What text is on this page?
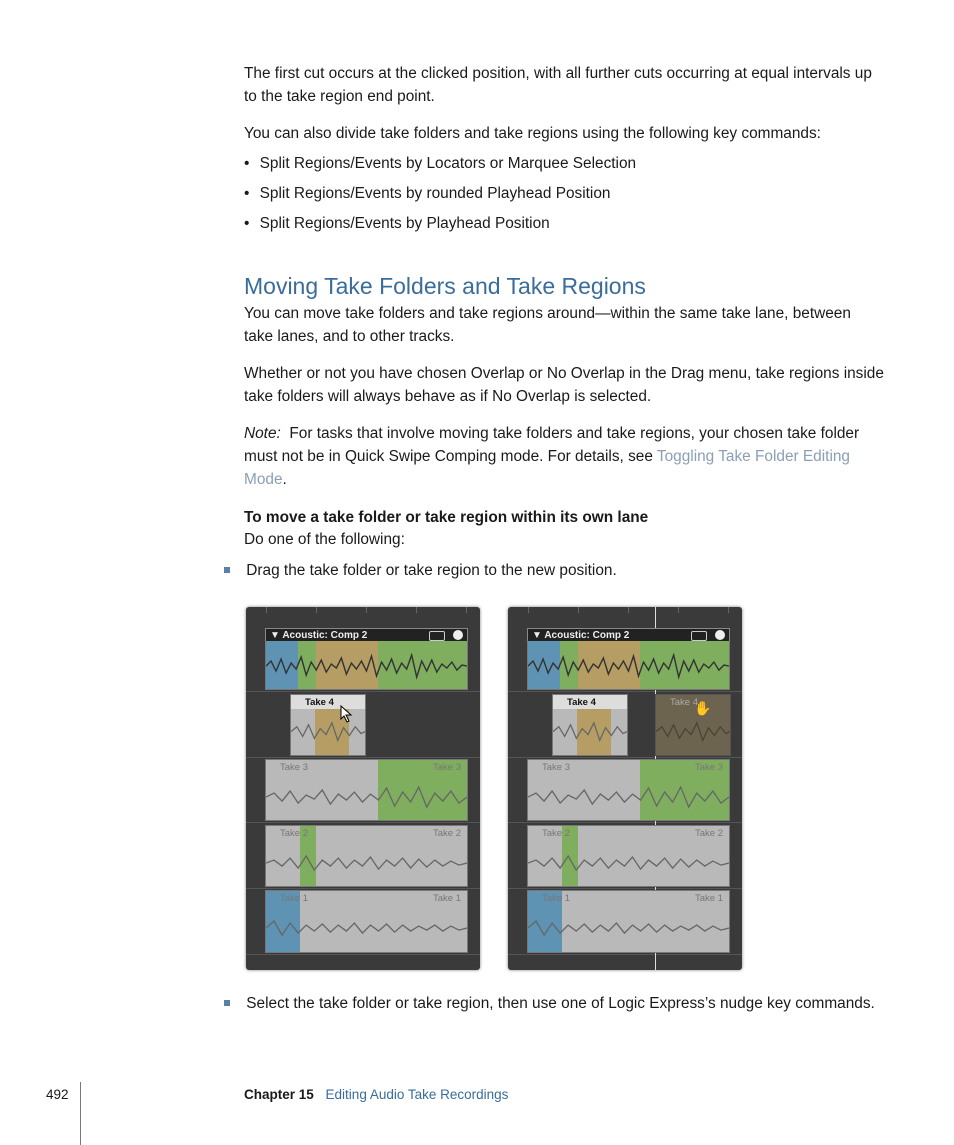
The first cut occurs at the clicked position, with all further cuts occurring at equal intervals up to the take region end point.

You can also divide take folders and take regions using the following key commands:

• Split Regions/Events by Locators or Marquee Selection
• Split Regions/Events by rounded Playhead Position
• Split Regions/Events by Playhead Position
Moving Take Folders and Take Regions

You can move take folders and take regions around—within the same take lane, between take lanes, and to other tracks.

Whether or not you have chosen Overlap or No Overlap in the Drag menu, take regions inside take folders will always behave as if No Overlap is selected.

Note: For tasks that involve moving take folders and take regions, your chosen take folder must not be in Quick Swipe Comping mode. For details, see Toggling Take Folder Editing Mode.

To move a take folder or take region within its own lane
Do one of the following:
Drag the take folder or take region to the new position.
▼ Acoustic: Comp 2
Take 4
Take 3	Take 3
Take 2	Take 2
Take 1	Take 1
▼ Acoustic: Comp 2
Take 4	Take 4
✋
Take 3	Take 3
Take 2	Take 2
Take 1	Take 1
Select the take folder or take region, then use one of Logic Express’s nudge key commands.
492	Chapter 15 Editing Audio Take Recordings
